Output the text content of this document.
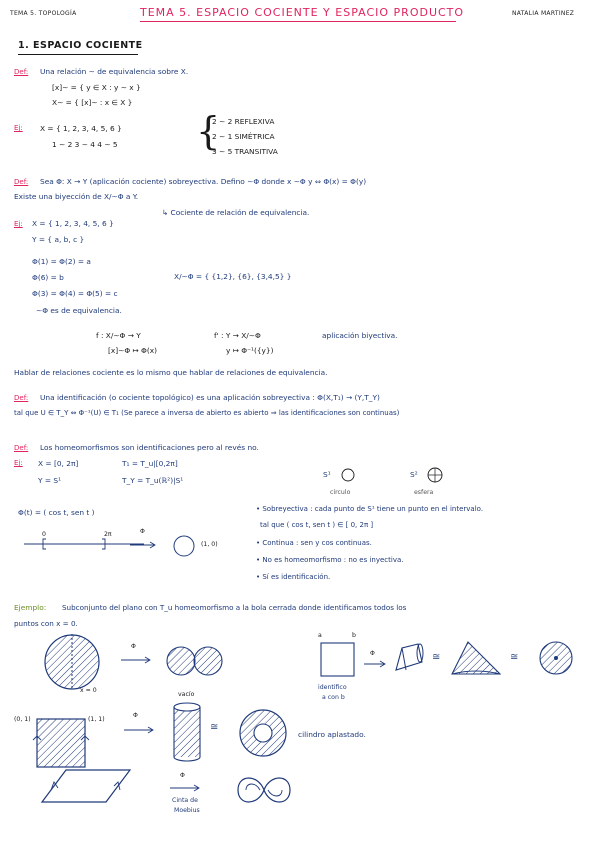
TEMA 5. TOPOLOGÍA	TEMA 5. ESPACIO COCIENTE Y ESPACIO PRODUCTO	NATALIA MARTINEZ
1. ESPACIO COCIENTE
Def: Una relación ∼ de equivalencia sobre X.
[x]∼ = { y ∈ X : y ∼ x }
X∼ = { [x]∼ : x ∈ X }
Ej: X = { 1, 2, 3, 4, 5, 6 }
1 ∼ 2 3 ∼ 4 4 ∼ 5 {
2 ∼ 2 REFLEXIVA
2 ∼ 1 SIMÉTRICA
3 ∼ 5 TRANSITIVA
Def: Sea Φ: X → Y (aplicación cociente) sobreyectiva. Defino ∼Φ donde x ∼Φ y ⇔ Φ(x) = Φ(y)
Existe una biyección de X/∼Φ a Y.
↳ Cociente de relación de equivalencia.
Ej: X = { 1, 2, 3, 4, 5, 6 }
Y = { a, b, c }
Φ(1) = Φ(2) = a
Φ(6) = b
Φ(3) = Φ(4) = Φ(5) = c
X/∼Φ = { {1,2}, {6}, {3,4,5} }
∼Φ es de equivalencia.
f : X/∼Φ → Y
[x]∼Φ ↦ Φ(x)
f' : Y → X/∼Φ
y ↦ Φ⁻¹({y})
aplicación biyectiva.
Hablar de relaciones cociente es lo mismo que hablar de relaciones de equivalencia.
Def: Una identificación (o cociente topológico) es una aplicación sobreyectiva : Φ(X,T₁) → (Y,T_Y)
tal que U ∈ T_Y ⇔ Φ⁻¹(U) ∈ T₁ (Se parece a inversa de abierto es abierto ⇒ las identificaciones son continuas)
Def: Los homeomorfismos son identificaciones pero al revés no.
Ej: X = [0, 2π]
Y = S¹
T₁ = T_u|[0,2π]
T_Y = T_u(ℝ²)|S¹
S¹
círculo
S²
esfera
Φ(t) = ( cos t, sen t )
0	2π	Φ
(1, 0)
• Sobreyectiva : cada punto de S¹ tiene un punto en el intervalo.
tal que ( cos t, sen t ) ∈ [ 0, 2π ]
• Continua : sen y cos continuas.
• No es homeomorfismo : no es inyectiva.
• Sí es identificación.
Ejemplo: Subconjunto del plano con T_u homeomorfismo a la bola cerrada donde identificamos todos los
puntos con x = 0.
x = 0
Φ
a	b
identifico
a con b
Φ	≅	≅
(0, 1)	(1, 1)
Φ
vacío
≅
cilindro aplastado.
Φ
Cinta de
Moebius
